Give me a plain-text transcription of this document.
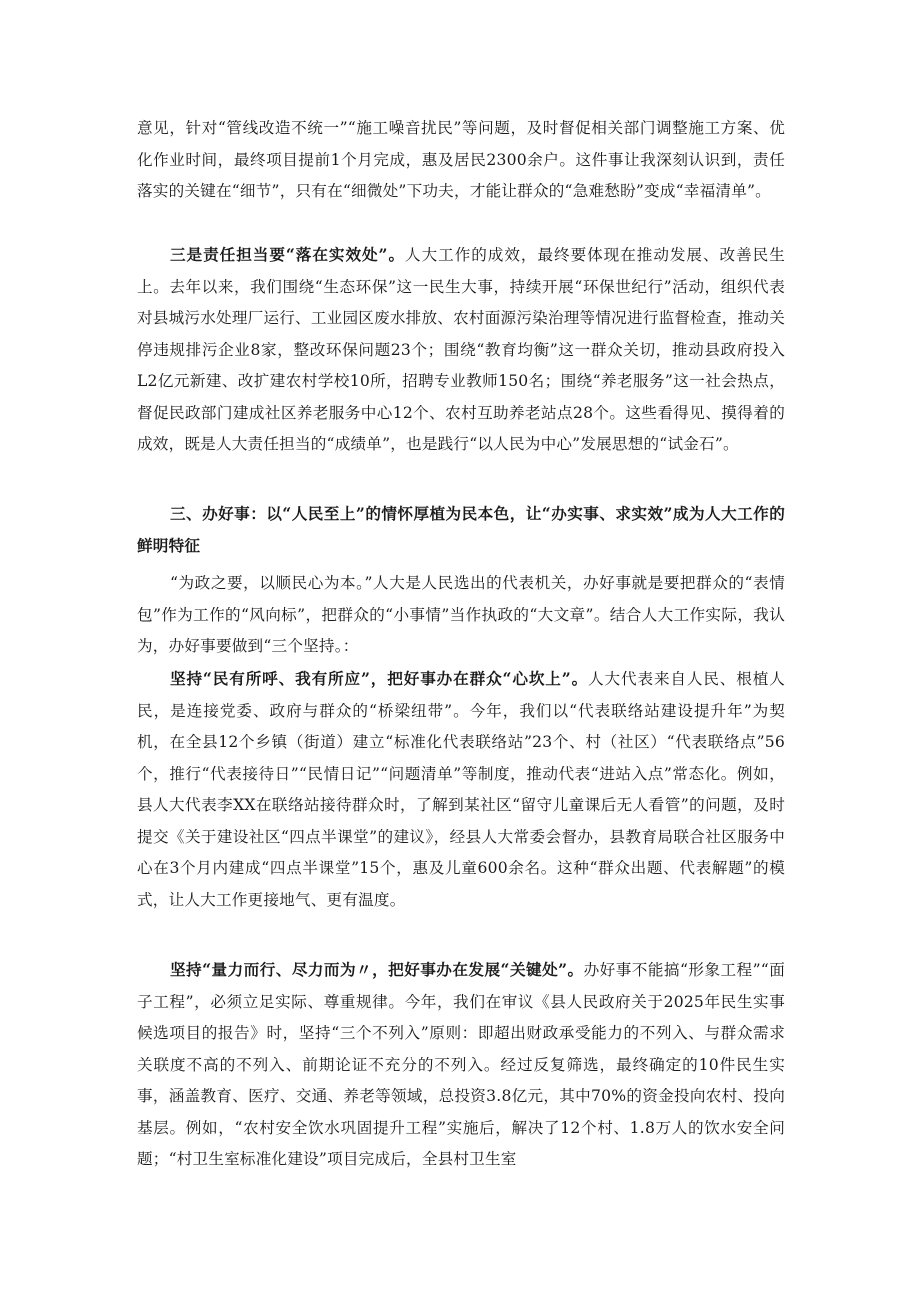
意见，针对“管线改造不统一”“施工噪音扰民”等问题，及时督促相关部门调整施工方案、优化作业时间，最终项目提前1个月完成，惠及居民2300余户。这件事让我深刻认识到，责任落实的关键在“细节”，只有在“细微处”下功夫，才能让群众的“急难愁盼”变成“幸福清单”。

三是责任担当要“落在实效处”。人大工作的成效，最终要体现在推动发展、改善民生上。去年以来，我们围绕“生态环保”这一民生大事，持续开展“环保世纪行”活动，组织代表对县城污水处理厂运行、工业园区废水排放、农村面源污染治理等情况进行监督检查，推动关停违规排污企业8家，整改环保问题23个；围绕“教育均衡”这一群众关切，推动县政府投入L2亿元新建、改扩建农村学校10所，招聘专业教师150名；围绕“养老服务”这一社会热点，督促民政部门建成社区养老服务中心12个、农村互助养老站点28个。这些看得见、摸得着的成效，既是人大责任担当的“成绩单”，也是践行“以人民为中心”发展思想的“试金石”。

三、办好事：以“人民至上”的情怀厚植为民本色，让“办实事、求实效”成为人大工作的鲜明特征

“为政之要，以顺民心为本。”人大是人民选出的代表机关，办好事就是要把群众的“表情包”作为工作的“风向标”，把群众的“小事情”当作执政的“大文章”。结合人大工作实际，我认为，办好事要做到“三个坚持。：

坚持“民有所呼、我有所应”，把好事办在群众“心坎上”。人大代表来自人民、根植人民，是连接党委、政府与群众的“桥梁纽带”。今年，我们以“代表联络站建设提升年”为契机，在全县12个乡镇（街道）建立“标准化代表联络站”23个、村（社区）“代表联络点”56个，推行“代表接待日”“民情日记”“问题清单”等制度，推动代表“进站入点”常态化。例如，县人大代表李XX在联络站接待群众时，了解到某社区“留守儿童课后无人看管”的问题，及时提交《关于建设社区“四点半课堂”的建议》，经县人大常委会督办，县教育局联合社区服务中心在3个月内建成“四点半课堂”15个，惠及儿童600余名。这种“群众出题、代表解题”的模式，让人大工作更接地气、更有温度。

坚持“量力而行、尽力而为〃，把好事办在发展“关键处”。办好事不能搞“形象工程”“面子工程”，必须立足实际、尊重规律。今年，我们在审议《县人民政府关于2025年民生实事候选项目的报告》时，坚持“三个不列入”原则：即超出财政承受能力的不列入、与群众需求关联度不高的不列入、前期论证不充分的不列入。经过反复筛选，最终确定的10件民生实事，涵盖教育、医疗、交通、养老等领域，总投资3.8亿元，其中70%的资金投向农村、投向基层。例如，“农村安全饮水巩固提升工程”实施后，解决了12个村、1.8万人的饮水安全问题；“村卫生室标准化建设”项目完成后，全县村卫生室
